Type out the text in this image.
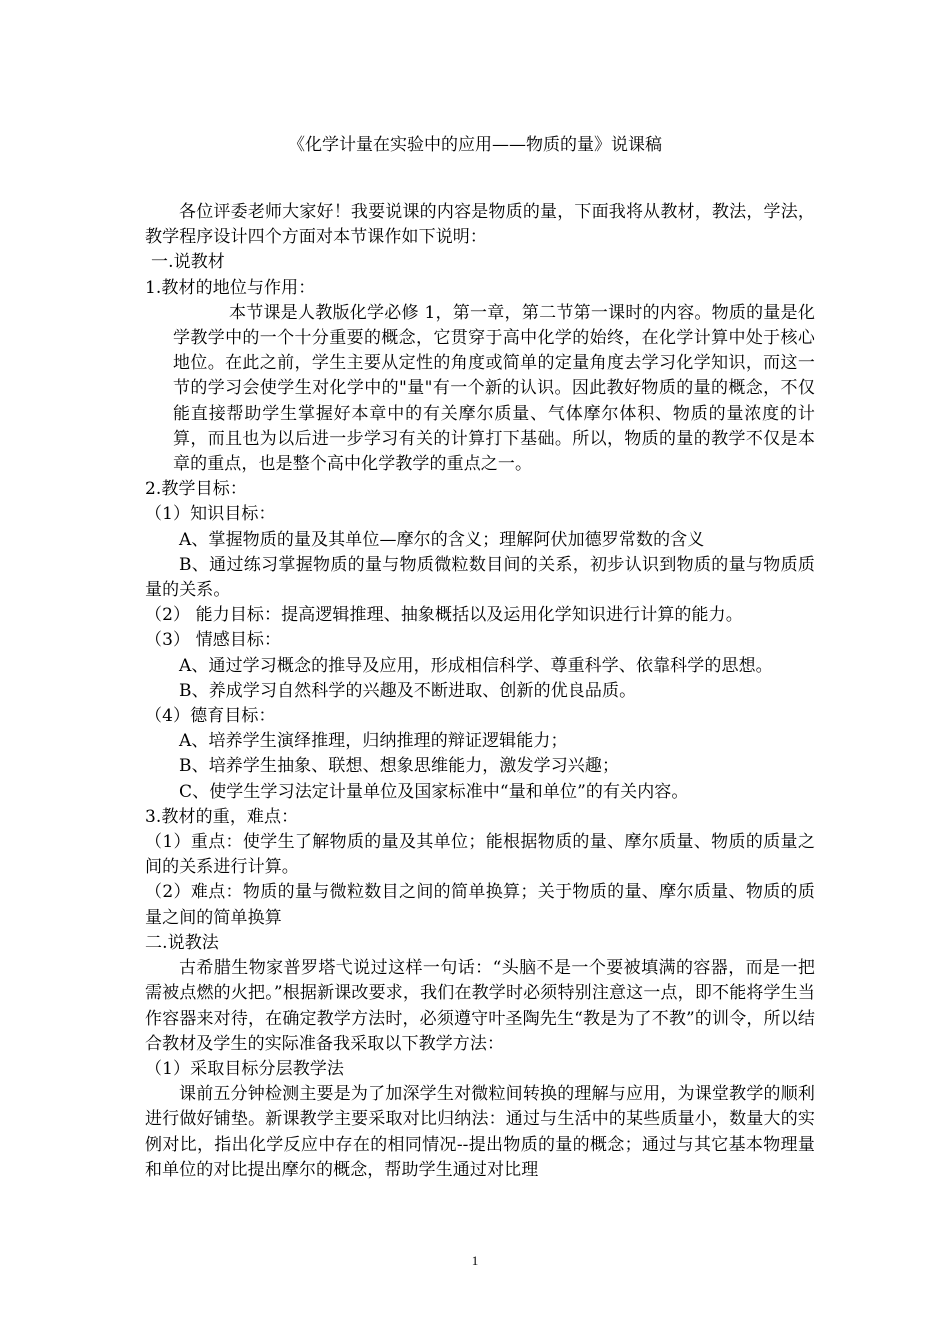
《化学计量在实验中的应用——物质的量》说课稿

各位评委老师大家好！我要说课的内容是物质的量，下面我将从教材，教法，学法，教学程序设计四个方面对本节课作如下说明：

一.说教材

1.教材的地位与作用：

本节课是人教版化学必修 1，第一章，第二节第一课时的内容。物质的量是化学教学中的一个十分重要的概念，它贯穿于高中化学的始终，在化学计算中处于核心地位。在此之前，学生主要从定性的角度或简单的定量角度去学习化学知识，而这一节的学习会使学生对化学中的"量"有一个新的认识。因此教好物质的量的概念，不仅能直接帮助学生掌握好本章中的有关摩尔质量、气体摩尔体积、物质的量浓度的计算，而且也为以后进一步学习有关的计算打下基础。所以，物质的量的教学不仅是本章的重点，也是整个高中化学教学的重点之一。

2.教学目标：

（1）知识目标：

A、掌握物质的量及其单位—摩尔的含义；理解阿伏加德罗常数的含义

B、通过练习掌握物质的量与物质微粒数目间的关系，初步认识到物质的量与物质质量的关系。

（2） 能力目标：提高逻辑推理、抽象概括以及运用化学知识进行计算的能力。

（3） 情感目标：

A、通过学习概念的推导及应用，形成相信科学、尊重科学、依靠科学的思想。

B、养成学习自然科学的兴趣及不断进取、创新的优良品质。

（4）德育目标：

A、培养学生演绎推理，归纳推理的辩证逻辑能力；

B、培养学生抽象、联想、想象思维能力，激发学习兴趣；

C、使学生学习法定计量单位及国家标准中“量和单位”的有关内容。

3.教材的重，难点：

（1）重点：使学生了解物质的量及其单位；能根据物质的量、摩尔质量、物质的质量之间的关系进行计算。

（2）难点：物质的量与微粒数目之间的简单换算；关于物质的量、摩尔质量、物质的质量之间的简单换算

二.说教法

古希腊生物家普罗塔弋说过这样一句话：“头脑不是一个要被填满的容器，而是一把需被点燃的火把。”根据新课改要求，我们在教学时必须特别注意这一点，即不能将学生当作容器来对待，在确定教学方法时，必须遵守叶圣陶先生“教是为了不教”的训令，所以结合教材及学生的实际准备我采取以下教学方法：

（1）采取目标分层教学法

课前五分钟检测主要是为了加深学生对微粒间转换的理解与应用，为课堂教学的顺利进行做好铺垫。新课教学主要采取对比归纳法：通过与生活中的某些质量小，数量大的实例对比，指出化学反应中存在的相同情况--提出物质的量的概念；通过与其它基本物理量和单位的对比提出摩尔的概念，帮助学生通过对比理

1
